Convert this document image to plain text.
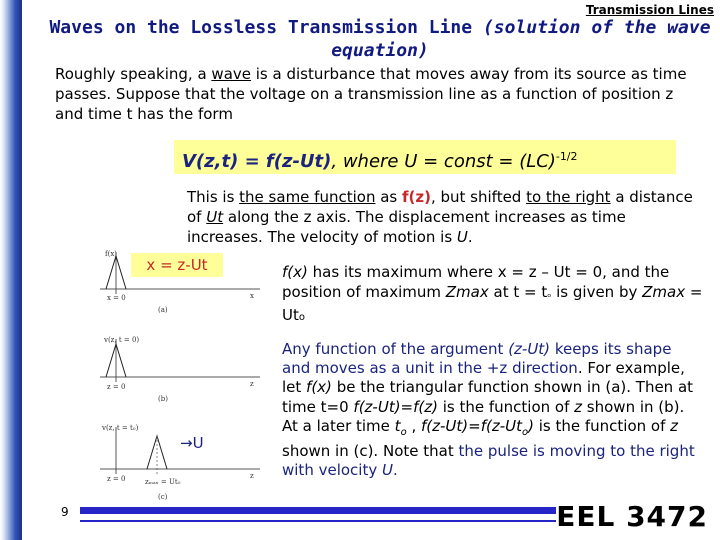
Transmission Lines
Waves on the Lossless Transmission Line (solution of the wave equation)
Roughly speaking, a wave is a disturbance that moves away from its source as time passes. Suppose that the voltage on a transmission line as a function of position z and time t has the form
V(z,t) = f(z-Ut), where U = const = (LC)$^{-1/2}$
This is the same function as f(z), but shifted to the right a distance of Ut along the z axis. The displacement increases as time increases. The velocity of motion is U.
f(x)
x
x = 0
(a)
v(z, t = 0)
z
z = 0
(b)
v(z, t = t₀)
z
z = 0	zₘₐₓ = Ut₀
(c)
x = z-Ut
→U
f(x) has its maximum where x = z – Ut = 0, and the position of maximum Zmax at t = tₒ is given by Zmax = Uto
Any function of the argument (z-Ut) keeps its shape and moves as a unit in the +z direction. For example, let f(x) be the triangular function shown in (a). Then at time t=0 f(z-Ut)=f(z) is the function of z shown in (b). At a later time $t_o$ , $f(z-Ut)=f(z-Ut_o)$ is the function of z shown in (c). Note that the pulse is moving to the right with velocity U.
9	EEL 3472
